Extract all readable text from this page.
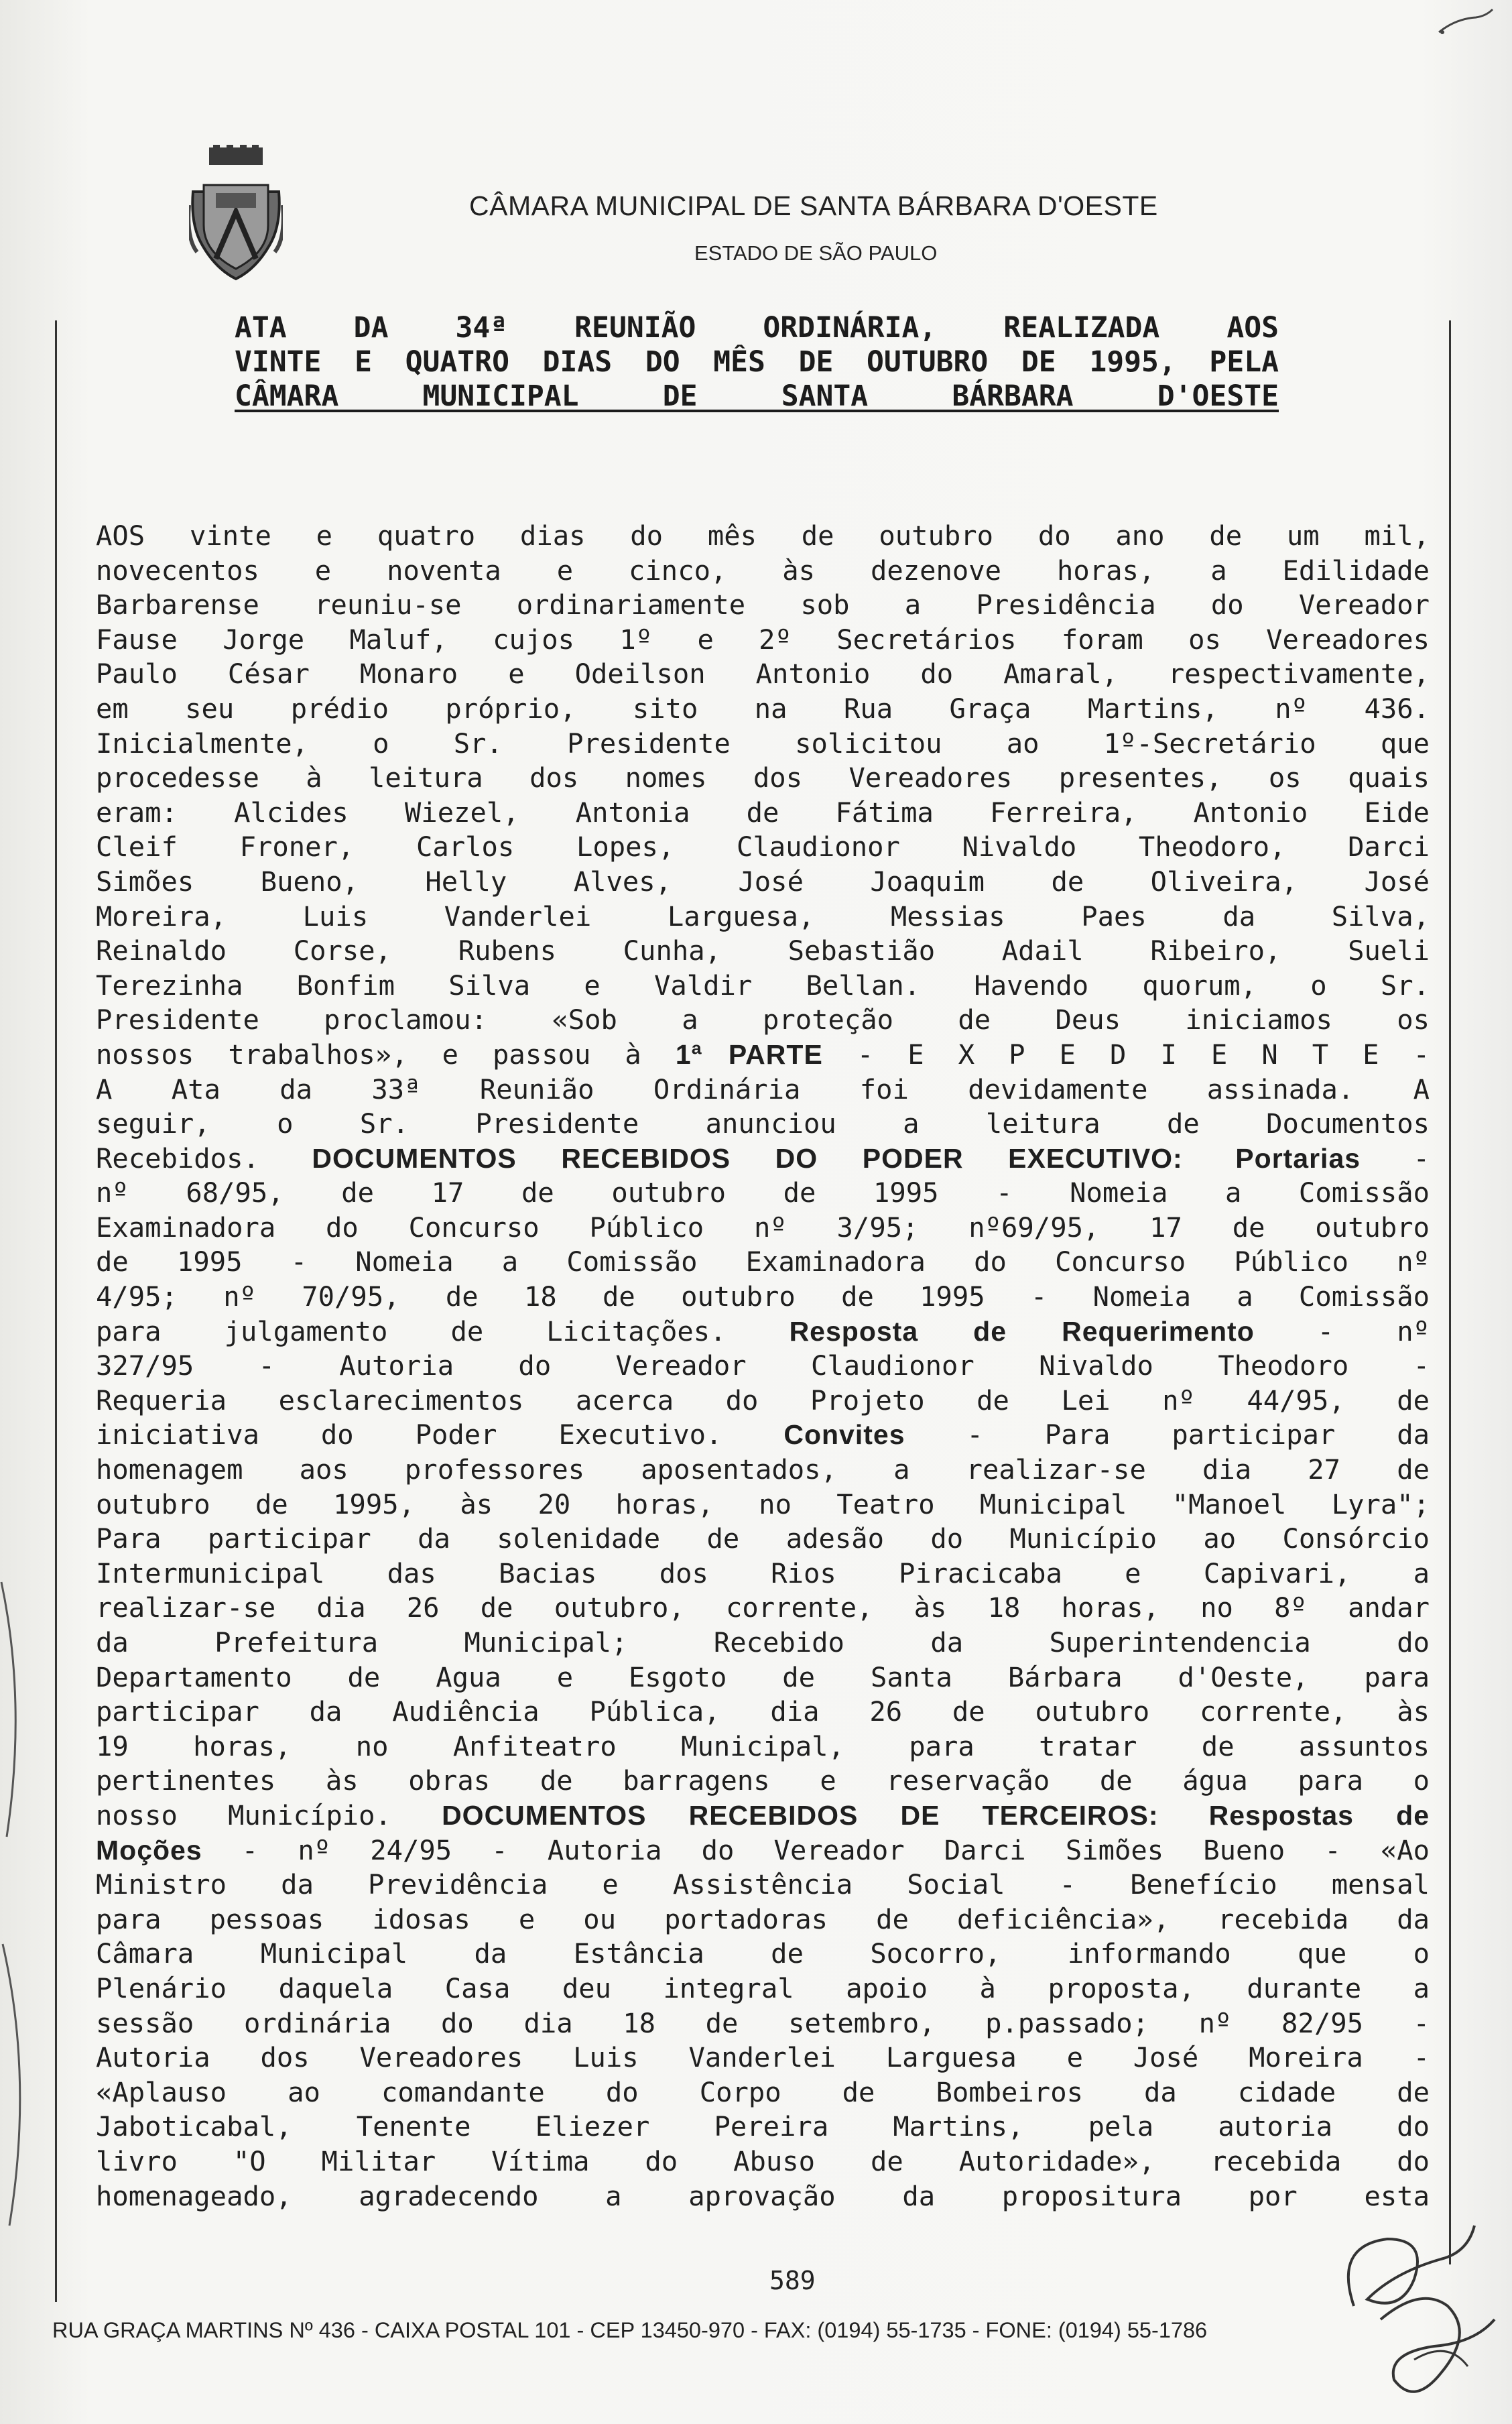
CÂMARA MUNICIPAL DE SANTA BÁRBARA D'OESTE
ESTADO DE SÃO PAULO
ATA DA 34ª REUNIÃO ORDINÁRIA, REALIZADA AOS
VINTE E QUATRO DIAS DO MÊS DE OUTUBRO DE 1995, PELA
CÂMARA MUNICIPAL DE SANTA BÁRBARA D'OESTE
AOS vinte e quatro dias do mês de outubro do ano de um mil,
novecentos e noventa e cinco, às dezenove horas, a Edilidade
Barbarense reuniu-se ordinariamente sob a Presidência do Vereador
Fause Jorge Maluf, cujos 1º e 2º Secretários foram os Vereadores
Paulo César Monaro e Odeilson Antonio do Amaral, respectivamente,
em seu prédio próprio, sito na Rua Graça Martins, nº 436.
Inicialmente, o Sr. Presidente solicitou ao 1º-Secretário que
procedesse à leitura dos nomes dos Vereadores presentes, os quais
eram: Alcides Wiezel, Antonia de Fátima Ferreira, Antonio Eide
Cleif Froner, Carlos Lopes, Claudionor Nivaldo Theodoro, Darci
Simões Bueno, Helly Alves, José Joaquim de Oliveira, José
Moreira, Luis Vanderlei Larguesa, Messias Paes da Silva,
Reinaldo Corse, Rubens Cunha, Sebastião Adail Ribeiro, Sueli
Terezinha Bonfim Silva e Valdir Bellan. Havendo quorum, o Sr.
Presidente proclamou: «Sob a proteção de Deus iniciamos os
nossos trabalhos», e passou à 1ª PARTE - E X P E D I E N T E -
A Ata da 33ª Reunião Ordinária foi devidamente assinada. A
seguir, o Sr. Presidente anunciou a leitura de Documentos
Recebidos. DOCUMENTOS RECEBIDOS DO PODER EXECUTIVO: Portarias -
nº 68/95, de 17 de outubro de 1995 - Nomeia a Comissão
Examinadora do Concurso Público nº 3/95; nº69/95, 17 de outubro
de 1995 - Nomeia a Comissão Examinadora do Concurso Público nº
4/95; nº 70/95, de 18 de outubro de 1995 - Nomeia a Comissão
para julgamento de Licitações. Resposta de Requerimento - nº
327/95 - Autoria do Vereador Claudionor Nivaldo Theodoro -
Requeria esclarecimentos acerca do Projeto de Lei nº 44/95, de
iniciativa do Poder Executivo. Convites - Para participar da
homenagem aos professores aposentados, a realizar-se dia 27 de
outubro de 1995, às 20 horas, no Teatro Municipal "Manoel Lyra";
Para participar da solenidade de adesão do Município ao Consórcio
Intermunicipal das Bacias dos Rios Piracicaba e Capivari, a
realizar-se dia 26 de outubro, corrente, às 18 horas, no 8º andar
da Prefeitura Municipal; Recebido da Superintendencia do
Departamento de Agua e Esgoto de Santa Bárbara d'Oeste, para
participar da Audiência Pública, dia 26 de outubro corrente, às
19 horas, no Anfiteatro Municipal, para tratar de assuntos
pertinentes às obras de barragens e reservação de água para o
nosso Município. DOCUMENTOS RECEBIDOS DE TERCEIROS: Respostas de
Moções - nº 24/95 - Autoria do Vereador Darci Simões Bueno - «Ao
Ministro da Previdência e Assistência Social - Benefício mensal
para pessoas idosas e ou portadoras de deficiência», recebida da
Câmara Municipal da Estância de Socorro, informando que o
Plenário daquela Casa deu integral apoio à proposta, durante a
sessão ordinária do dia 18 de setembro, p.passado; nº 82/95 -
Autoria dos Vereadores Luis Vanderlei Larguesa e José Moreira -
«Aplauso ao comandante do Corpo de Bombeiros da cidade de
Jaboticabal, Tenente Eliezer Pereira Martins, pela autoria do
livro "O Militar Vítima do Abuso de Autoridade», recebida do
homenageado, agradecendo a aprovação da propositura por esta
589
RUA GRAÇA MARTINS Nº 436 - CAIXA POSTAL 101 - CEP 13450-970 - FAX: (0194) 55-1735 - FONE: (0194) 55-1786
